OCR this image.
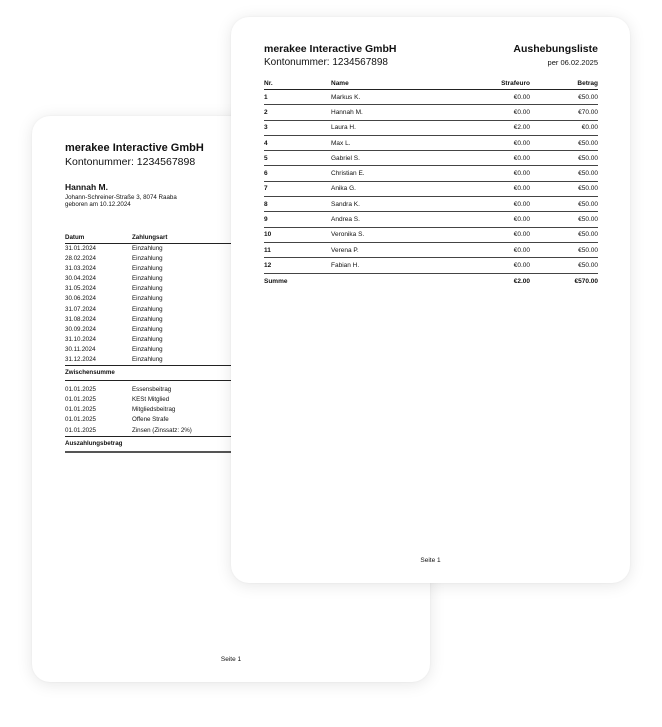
merakee Interactive GmbH
Kontonummer: 1234567898
Hannah M.
Johann-Schreiner-Straße 3, 8074 Raaba
geboren am 10.12.2024
Datum	Zahlungsart
31.01.2024	Einzahlung
28.02.2024	Einzahlung
31.03.2024	Einzahlung
30.04.2024	Einzahlung
31.05.2024	Einzahlung
30.06.2024	Einzahlung
31.07.2024	Einzahlung
31.08.2024	Einzahlung
30.09.2024	Einzahlung
31.10.2024	Einzahlung
30.11.2024	Einzahlung
31.12.2024	Einzahlung
Zwischensumme	

01.01.2025	Essensbeitrag
01.01.2025	KESt Mitglied
01.01.2025	Mitgliedsbeitrag
01.01.2025	Offene Strafe
01.01.2025	Zinsen (Zinssatz: 2%)
Auszahlungsbetrag	
Seite 1
merakee Interactive GmbH
Kontonummer: 1234567898
Aushebungsliste
per 06.02.2025
Nr.	Name	Strafeuro	Betrag
1	Markus K.	€0.00	€50.00
2	Hannah M.	€0.00	€70.00
3	Laura H.	€2.00	€0.00
4	Max L.	€0.00	€50.00
5	Gabriel S.	€0.00	€50.00
6	Christian E.	€0.00	€50.00
7	Anika G.	€0.00	€50.00
8	Sandra K.	€0.00	€50.00
9	Andrea S.	€0.00	€50.00
10	Veronika S.	€0.00	€50.00
11	Verena P.	€0.00	€50.00
12	Fabian H.	€0.00	€50.00
Summe		€2.00	€570.00
Seite 1
